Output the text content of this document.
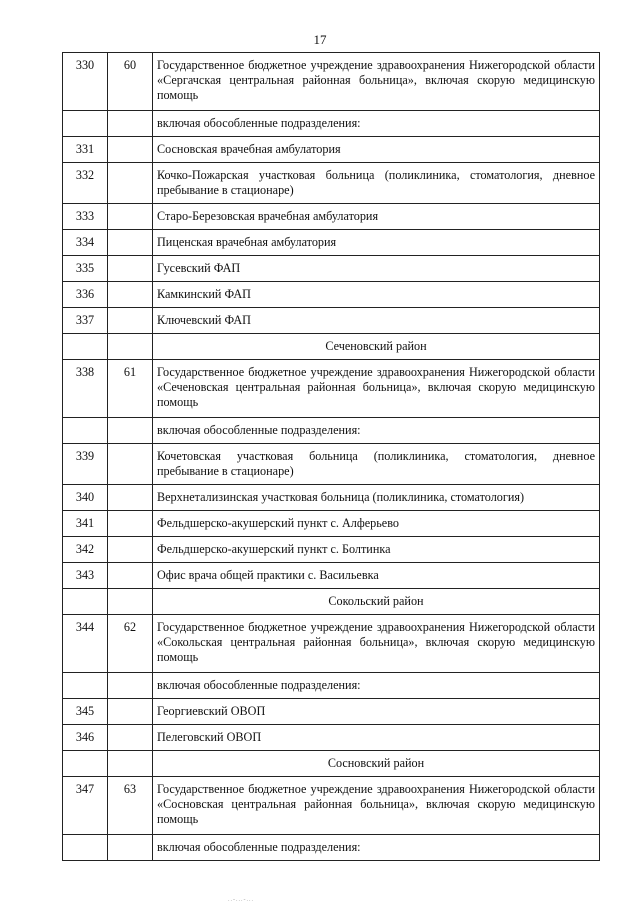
17
330	60	Государственное бюджетное учреждение здравоохранения Нижегородской области «Сергачская центральная районная больница», включая скорую медицинскую помощь
		включая обособленные подразделения:
331		Сосновская врачебная амбулатория
332		Кочко-Пожарская участковая больница (поликлиника, стоматология, дневное пребывание в стационаре)
333		Старо-Березовская врачебная амбулатория
334		Пиценская врачебная амбулатория
335		Гусевский ФАП
336		Камкинский ФАП
337		Ключевский ФАП
		Сеченовский район
338	61	Государственное бюджетное учреждение здравоохранения Нижегородской области «Сеченовская центральная районная больница», включая скорую медицинскую помощь
		включая обособленные подразделения:
339		Кочетовская участковая больница (поликлиника, стоматология, дневное пребывание в стационаре)
340		Верхнетализинская участковая больница (поликлиника, стоматология)
341		Фельдшерско-акушерский пункт с. Алферьево
342		Фельдшерско-акушерский пункт с. Болтинка
343		Офис врача общей практики с. Васильевка
		Сокольский район
344	62	Государственное бюджетное учреждение здравоохранения Нижегородской области «Сокольская центральная районная больница», включая скорую медицинскую помощь
		включая обособленные подразделения:
345		Георгиевский ОВОП
346		Пелеговский ОВОП
		Сосновский район
347	63	Государственное бюджетное учреждение здравоохранения Нижегородской области «Сосновская центральная районная больница», включая скорую медицинскую помощь
		включая обособленные подразделения:
..-...-...
